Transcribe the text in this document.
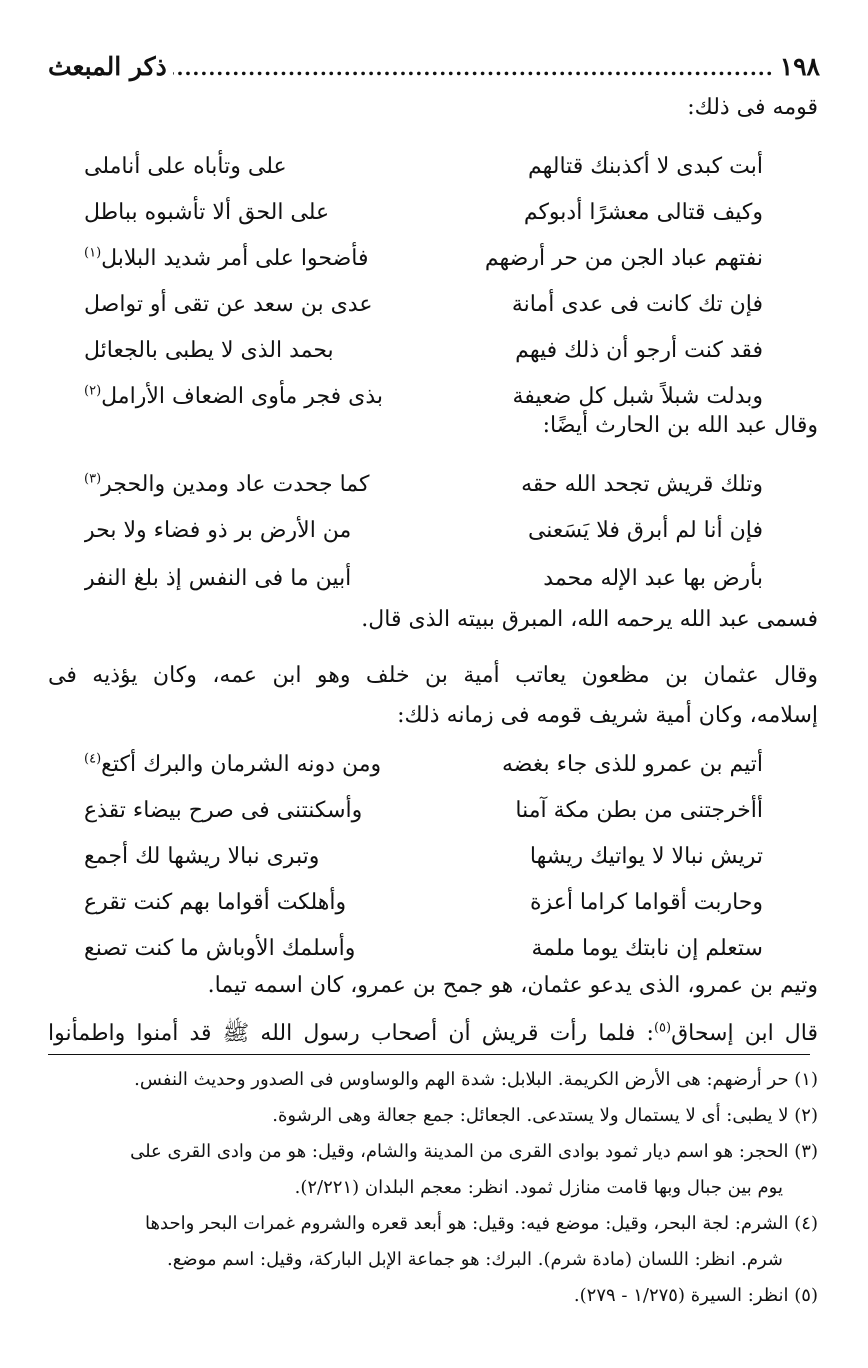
١٩٨
.....
ذكر المبعث
قومه فى ذلك:
أبت كبدى لا أكذبنك قتالهم
على وتأباه على أناملى
وكيف قتالى معشرًا أدبوكم
على الحق ألا تأشبوه بباطل
نفتهم عباد الجن من حر أرضهم
فأضحوا على أمر شديد البلابل$^{(١)}$
فإن تك كانت فى عدى أمانة
عدى بن سعد عن تقى أو تواصل
فقد كنت أرجو أن ذلك فيهم
بحمد الذى لا يطبى بالجعائل
وبدلت شبلاً شبل كل ضعيفة
بذى فجر مأوى الضعاف الأرامل$^{(٢)}$
وقال عبد الله بن الحارث أيضًا:
وتلك قريش تجحد الله حقه
كما جحدت عاد ومدين والحجر$^{(٣)}$
فإن أنا لم أبرق فلا يَسَعنى
من الأرض بر ذو فضاء ولا بحر
بأرض بها عبد الإله محمد
أبين ما فى النفس إذ بلغ النفر
فسمى عبد الله يرحمه الله، المبرق ببيته الذى قال.
وقال عثمان بن مظعون يعاتب أمية بن خلف وهو ابن عمه، وكان يؤذيه فى
إسلامه، وكان أمية شريف قومه فى زمانه ذلك:
أتيم بن عمرو للذى جاء بغضه
ومن دونه الشرمان والبرك أكتع$^{(٤)}$
أأخرجتنى من بطن مكة آمنا
وأسكنتنى فى صرح بيضاء تقذع
تريش نبالا لا يواتيك ريشها
وتبرى نبالا ريشها لك أجمع
وحاربت أقواما كراما أعزة
وأهلكت أقواما بهم كنت تقرع
ستعلم إن نابتك يوما ملمة
وأسلمك الأوباش ما كنت تصنع
وتيم بن عمرو، الذى يدعو عثمان، هو جمح بن عمرو، كان اسمه تيما.
قال ابن إسحاق$^{(٥)}$: فلما رأت قريش أن أصحاب رسول الله ﷺ قد أمنوا واطمأنوا
(١) حر أرضهم: هى الأرض الكريمة. البلابل: شدة الهم والوساوس فى الصدور وحديث النفس.
(٢) لا يطبى: أى لا يستمال ولا يستدعى. الجعائل: جمع جعالة وهى الرشوة.
(٣) الحجر: هو اسم ديار ثمود بوادى القرى من المدينة والشام، وقيل: هو من وادى القرى على
يوم بين جبال وبها قامت منازل ثمود. انظر: معجم البلدان (٢/٢٢١).
(٤) الشرم: لجة البحر، وقيل: موضع فيه: وقيل: هو أبعد قعره والشروم غمرات البحر واحدها
شرم. انظر: اللسان (مادة شرم). البرك: هو جماعة الإبل الباركة، وقيل: اسم موضع.
(٥) انظر: السيرة (١/٢٧٥ - ٢٧٩).
